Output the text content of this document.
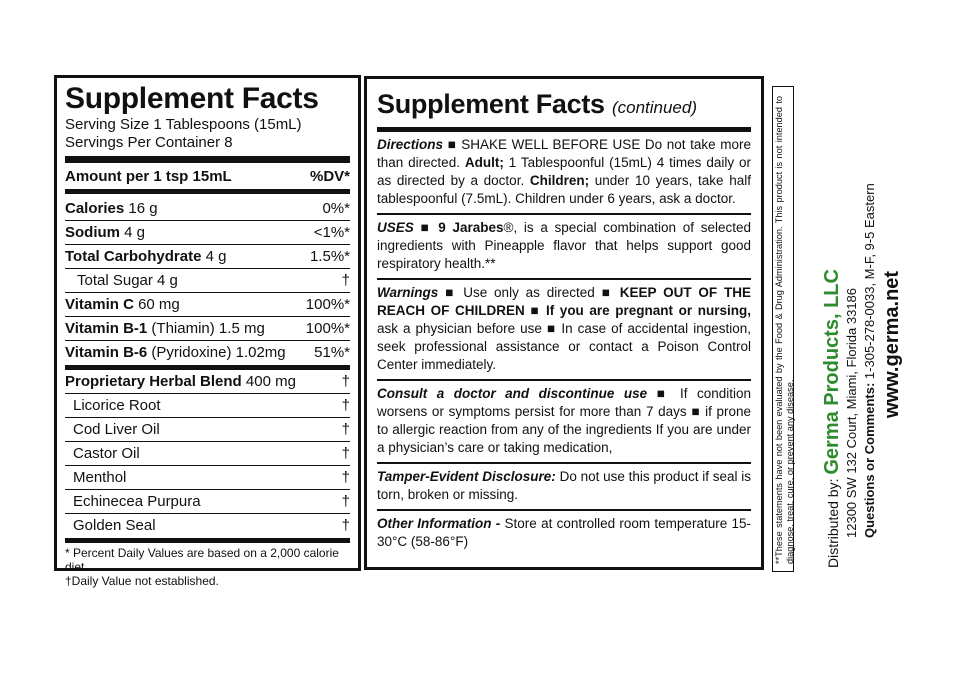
Supplement Facts
Serving Size 1 Tablespoons (15mL)
Servings Per Container 8
Amount per 1 tsp 15mL	%DV*
Calories 16 g	0%*
Sodium 4 g	<1%*
Total Carbohydrate 4 g	1.5%*
Total Sugar 4 g	†
Vitamin C 60 mg	100%*
Vitamin B-1 (Thiamin) 1.5 mg	100%*
Vitamin B-6 (Pyridoxine) 1.02mg 51%*
Proprietary Herbal Blend 400 mg	†
Licorice Root	†
Cod Liver Oil	†
Castor Oil	†
Menthol	†
Echinecea Purpura	†
Golden Seal	†
* Percent Daily Values are based on a 2,000 calorie diet.
†Daily Value not established.
Supplement Facts (continued)
Directions ■ SHAKE WELL BEFORE USE Do not take more than directed. Adult; 1 Tablespoonful (15mL) 4 times daily or as directed by a doctor. Children; under 10 years, take half tablespoonful (7.5mL). Children under 6 years, ask a doctor.
USES ■ 9 Jarabes®, is a special combination of selected ingredients with Pineapple flavor that helps support good respiratory health.**
Warnings ■ Use only as directed ■ KEEP OUT OF THE REACH OF CHILDREN ■ If you are pregnant or nursing, ask a physician before use ■ In case of accidental ingestion, seek professional assistance or contact a Poison Control Center immediately.
Consult a doctor and discontinue use ■ If condition worsens or symptoms persist for more than 7 days ■ if prone to allergic reaction from any of the ingredients If you are under a physician’s care or taking medication,
Tamper-Evident Disclosure: Do not use this product if seal is torn, broken or missing.
Other Information - Store at controlled room temperature 15-30°C (58-86°F)	**These statements have not been evaluated by the Food & Drug Administration. This product is not intended to diagnose, treat, cure, or prevent any disease. Distributed by: Germa Products, LLC 12300 SW 132 Court, Miami, Florida 33186 Questions or Comments: 1-305-278-0033, M-F, 9-5 Eastern www.germa.net
